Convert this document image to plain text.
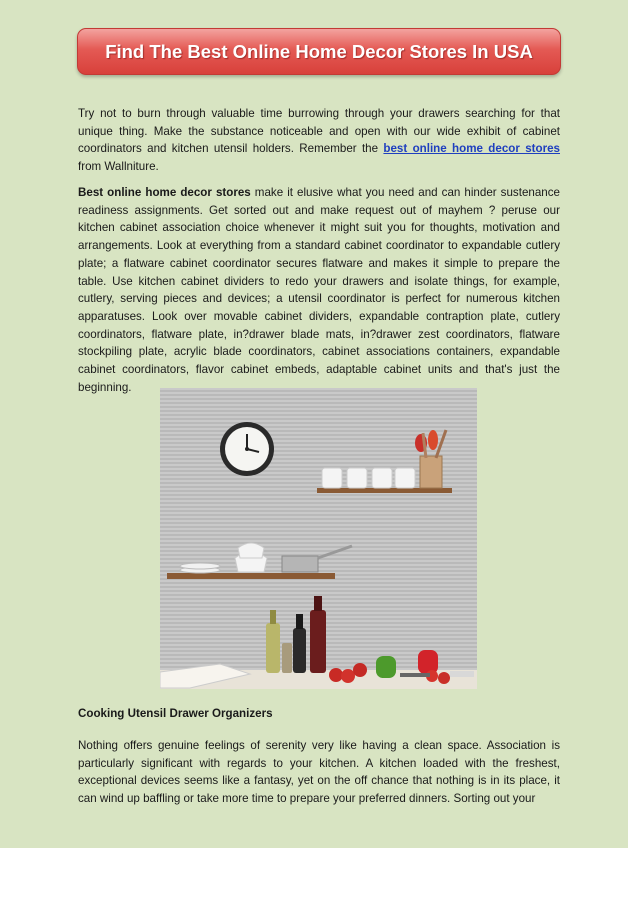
Find The Best Online Home Decor Stores In USA

Try not to burn through valuable time burrowing through your drawers searching for that unique thing. Make the substance noticeable and open with our wide exhibit of cabinet coordinators and kitchen utensil holders. Remember the best online home decor stores from Wallniture.

Best online home decor stores make it elusive what you need and can hinder sustenance readiness assignments. Get sorted out and make request out of mayhem ? peruse our kitchen cabinet association choice whenever it might suit you for thoughts, motivation and arrangements. Look at everything from a standard cabinet coordinator to expandable cutlery plate; a flatware cabinet coordinator secures flatware and makes it simple to prepare the table. Use kitchen cabinet dividers to redo your drawers and isolate things, for example, cutlery, serving pieces and devices; a utensil coordinator is perfect for numerous kitchen apparatuses. Look over movable cabinet dividers, expandable contraption plate, cutlery coordinators, flatware plate, in?drawer blade mats, in?drawer zest coordinators, flatware stockpiling plate, acrylic blade coordinators, cabinet associations containers, expandable cabinet coordinators, flavor cabinet embeds, adaptable cabinet units and that's just the beginning.

Cooking Utensil Drawer Organizers

Nothing offers genuine feelings of serenity very like having a clean space. Association is particularly significant with regards to your kitchen. A kitchen loaded with the freshest, exceptional devices seems like a fantasy, yet on the off chance that nothing is in its place, it can wind up baffling or take more time to prepare your preferred dinners. Sorting out your
